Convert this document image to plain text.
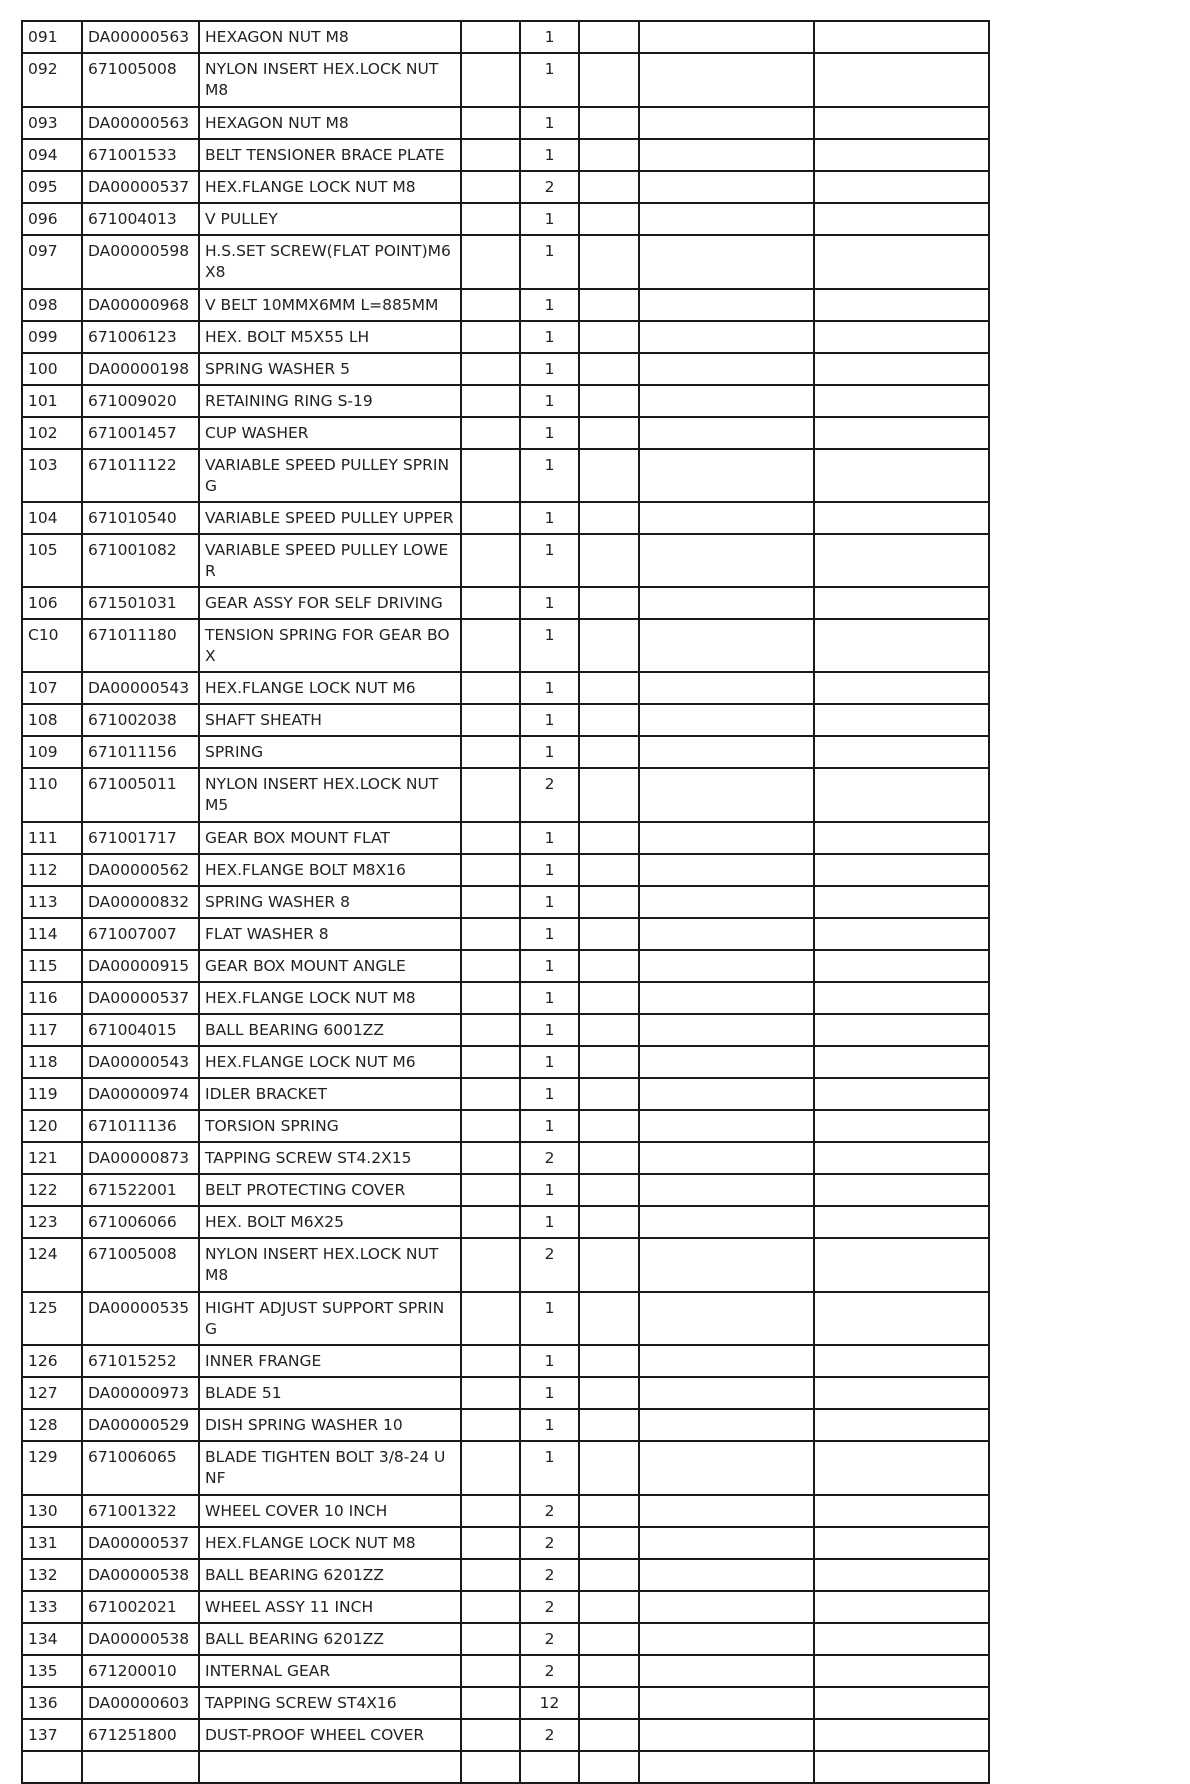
091	DA00000563	HEXAGON NUT M8		1			
092	671005008	NYLON INSERT HEX.LOCK NUT M8		1			
093	DA00000563	HEXAGON NUT M8		1			
094	671001533	BELT TENSIONER BRACE PLATE		1			
095	DA00000537	HEX.FLANGE LOCK NUT M8		2			
096	671004013	V PULLEY		1			
097	DA00000598	H.S.SET SCREW(FLAT POINT)M6X8		1			
098	DA00000968	V BELT 10MMX6MM L=885MM		1			
099	671006123	HEX. BOLT M5X55 LH		1			
100	DA00000198	SPRING WASHER 5		1			
101	671009020	RETAINING RING S-19		1			
102	671001457	CUP WASHER		1			
103	671011122	VARIABLE SPEED PULLEY SPRING		1			
104	671010540	VARIABLE SPEED PULLEY UPPER		1			
105	671001082	VARIABLE SPEED PULLEY LOWER		1			
106	671501031	GEAR ASSY FOR SELF DRIVING		1			
C10	671011180	TENSION SPRING FOR GEAR BOX		1			
107	DA00000543	HEX.FLANGE LOCK NUT M6		1			
108	671002038	SHAFT SHEATH		1			
109	671011156	SPRING		1			
110	671005011	NYLON INSERT HEX.LOCK NUT M5		2			
111	671001717	GEAR BOX MOUNT FLAT		1			
112	DA00000562	HEX.FLANGE BOLT M8X16		1			
113	DA00000832	SPRING WASHER 8		1			
114	671007007	FLAT WASHER 8		1			
115	DA00000915	GEAR BOX MOUNT ANGLE		1			
116	DA00000537	HEX.FLANGE LOCK NUT M8		1			
117	671004015	BALL BEARING 6001ZZ		1			
118	DA00000543	HEX.FLANGE LOCK NUT M6		1			
119	DA00000974	IDLER BRACKET		1			
120	671011136	TORSION SPRING		1			
121	DA00000873	TAPPING SCREW ST4.2X15		2			
122	671522001	BELT PROTECTING COVER		1			
123	671006066	HEX. BOLT M6X25		1			
124	671005008	NYLON INSERT HEX.LOCK NUT M8		2			
125	DA00000535	HIGHT ADJUST SUPPORT SPRING		1			
126	671015252	INNER FRANGE		1			
127	DA00000973	BLADE 51		1			
128	DA00000529	DISH SPRING WASHER 10		1			
129	671006065	BLADE TIGHTEN BOLT 3/8-24 UNF		1			
130	671001322	WHEEL COVER 10 INCH		2			
131	DA00000537	HEX.FLANGE LOCK NUT M8		2			
132	DA00000538	BALL BEARING 6201ZZ		2			
133	671002021	WHEEL ASSY 11 INCH		2			
134	DA00000538	BALL BEARING 6201ZZ		2			
135	671200010	INTERNAL GEAR		2			
136	DA00000603	TAPPING SCREW ST4X16		12			
137	671251800	DUST-PROOF WHEEL COVER		2			
